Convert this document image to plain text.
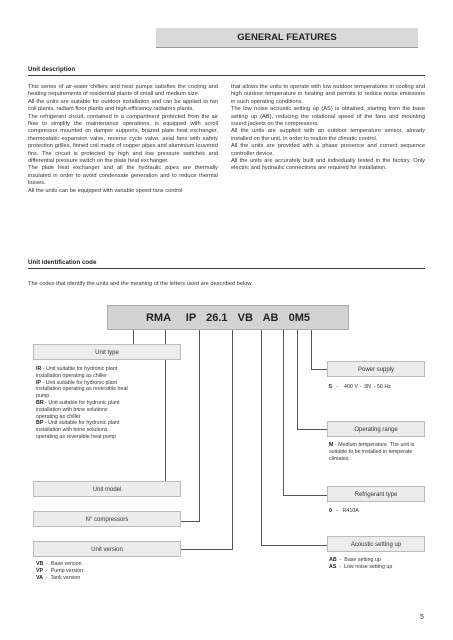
GENERAL FEATURES
Unit description

This series of air-water chillers and heat pumps satisfies the cooling and heating requirements of residential plants of small and medium size.

All the units are suitable for outdoor installation and can be applied to fan coil plants, radiant floor plants and high efficiency radiators plants.

The refrigerant circuit, contained in a compartment protected from the air flow to simplify the maintenance operations, is equipped with scroll compressor mounted on damper supports, brazed plate heat exchanger, thermostatic expansion valve, reverse cycle valve, axial fans with safety protection grilles, finned coil made of copper pipes and aluminium louvered fins. The circuit is protected by high and low pressure switches and differential pressure switch on the plate heat exchanger.

The plate heat exchanger and all the hydraulic pipes are thermally insulated in order to avoid condensate generation and to reduce thermal losses.

All the units can be equipped with variable speed fans control

that allows the units to operate with low outdoor temperatures in cooling and high outdoor temperature in heating and permits to reduce noise emissions in such operating conditions.

The low noise acoustic setting up (AS) is obtained, starting from the base setting up (AB), reducing the rotational speed of the fans and mounting sound jackets on the compressors.

All the units are supplied with an outdoor temperature sensor, already installed on the unit, in order to realize the climatic control.

All the units are provided with a phase presence and correct sequence controller device.

All the units are accurately built and individually tested in the factory. Only electric and hydraulic connections are required for installation.

Unit identification code
The codes that identify the units and the meaning of the letters used are described below.
RMA   IP  26.1  VB  AB  0M5
Unit type
IR - Unit suitable for hydronic plant installation operating as chiller
IP - Unit suitable for hydronic plant installation operating as reversible heat pump
BR - Unit suitable for hydronic plant installation with brine solutions operating as chiller
BP - Unit suitable for hydronic plant installation with brine solutions operating as reversible heat pump
Unit model
N° compressors
Unit version
VB  -  Base version
VP  -  Pump version
VA  -  Tank version
Power supply
5   -    400 V -  3N  - 50 Hz
Operating range
M - Medium temperature. The unit is suitable to be installed in temperate climates.
Refrigerant type
0   -   R410A
Acoustic setting up
AB  -  Base setting up
AS  -  Low noise setting up
5
